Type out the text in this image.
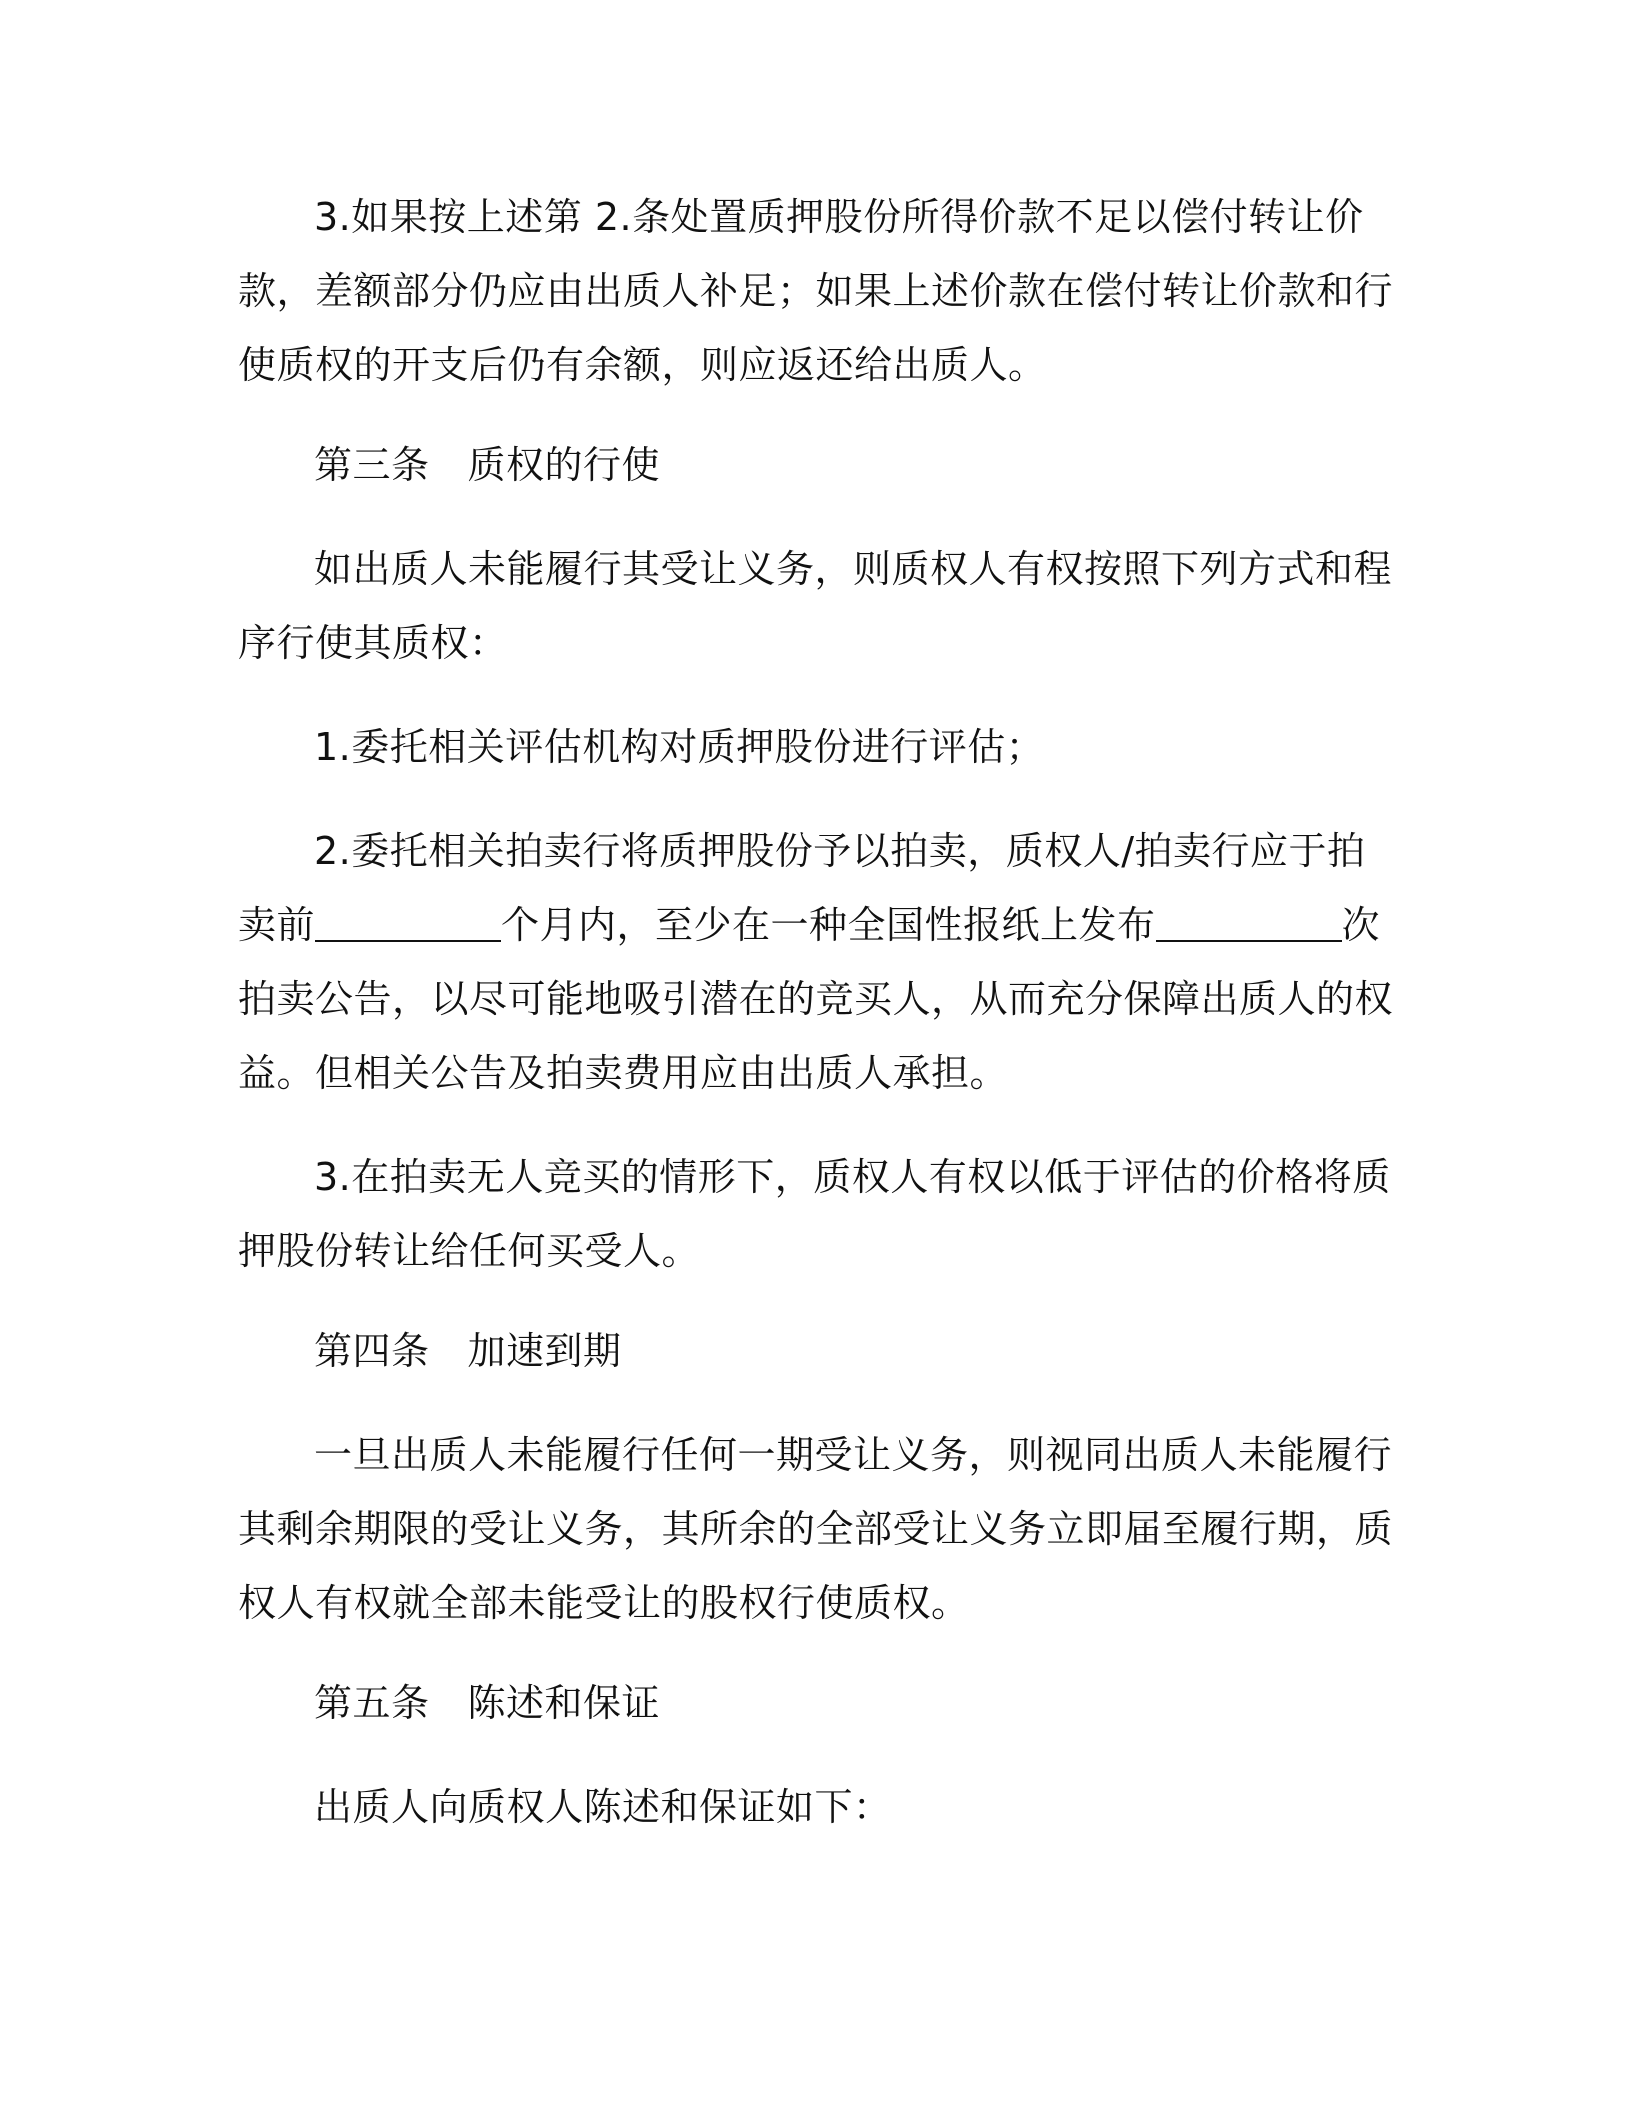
3.如果按上述第 2.条处置质押股份所得价款不足以偿付转让价款，差额部分仍应由出质人补足；如果上述价款在偿付转让价款和行使质权的开支后仍有余额，则应返还给出质人。

第三条 质权的行使

如出质人未能履行其受让义务，则质权人有权按照下列方式和程序行使其质权：

1.委托相关评估机构对质押股份进行评估；

2.委托相关拍卖行将质押股份予以拍卖，质权人/拍卖行应于拍卖前	个月内，至少在一种全国性报纸上发布	次拍卖公告，以尽可能地吸引潜在的竞买人，从而充分保障出质人的权益。但相关公告及拍卖费用应由出质人承担。

3.在拍卖无人竞买的情形下，质权人有权以低于评估的价格将质押股份转让给任何买受人。

第四条 加速到期

一旦出质人未能履行任何一期受让义务，则视同出质人未能履行其剩余期限的受让义务，其所余的全部受让义务立即届至履行期，质权人有权就全部未能受让的股权行使质权。

第五条 陈述和保证

出质人向质权人陈述和保证如下：
